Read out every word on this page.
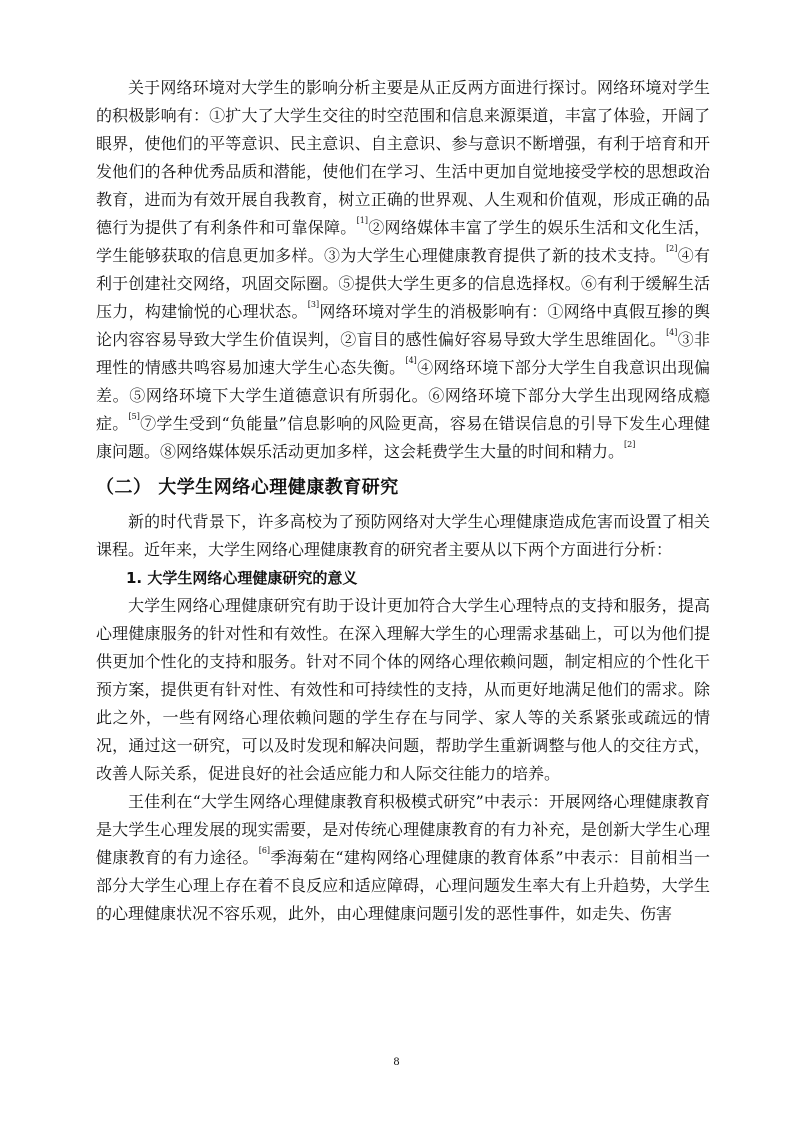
关于网络环境对大学生的影响分析主要是从正反两方面进行探讨。网络环境对学生的积极影响有：①扩大了大学生交往的时空范围和信息来源渠道，丰富了体验，开阔了眼界，使他们的平等意识、民主意识、自主意识、参与意识不断增强，有利于培育和开发他们的各种优秀品质和潜能，使他们在学习、生活中更加自觉地接受学校的思想政治教育，进而为有效开展自我教育，树立正确的世界观、人生观和价值观，形成正确的品德行为提供了有利条件和可靠保障。[1]②网络媒体丰富了学生的娱乐生活和文化生活，学生能够获取的信息更加多样。③为大学生心理健康教育提供了新的技术支持。[2]④有利于创建社交网络，巩固交际圈。⑤提供大学生更多的信息选择权。⑥有利于缓解生活压力，构建愉悦的心理状态。[3]网络环境对学生的消极影响有：①网络中真假互掺的舆论内容容易导致大学生价值误判，②盲目的感性偏好容易导致大学生思维固化。[4]③非理性的情感共鸣容易加速大学生心态失衡。[4]④网络环境下部分大学生自我意识出现偏差。⑤网络环境下大学生道德意识有所弱化。⑥网络环境下部分大学生出现网络成瘾症。[5]⑦学生受到“负能量”信息影响的风险更高，容易在错误信息的引导下发生心理健康问题。⑧网络媒体娱乐活动更加多样，这会耗费学生大量的时间和精力。[2]

（二） 大学生网络心理健康教育研究

新的时代背景下，许多高校为了预防网络对大学生心理健康造成危害而设置了相关课程。近年来，大学生网络心理健康教育的研究者主要从以下两个方面进行分析：

1. 大学生网络心理健康研究的意义

大学生网络心理健康研究有助于设计更加符合大学生心理特点的支持和服务，提高心理健康服务的针对性和有效性。在深入理解大学生的心理需求基础上，可以为他们提供更加个性化的支持和服务。针对不同个体的网络心理依赖问题，制定相应的个性化干预方案，提供更有针对性、有效性和可持续性的支持，从而更好地满足他们的需求。除此之外，一些有网络心理依赖问题的学生存在与同学、家人等的关系紧张或疏远的情况，通过这一研究，可以及时发现和解决问题，帮助学生重新调整与他人的交往方式，改善人际关系，促进良好的社会适应能力和人际交往能力的培养。

王佳利在“大学生网络心理健康教育积极模式研究”中表示：开展网络心理健康教育是大学生心理发展的现实需要，是对传统心理健康教育的有力补充，是创新大学生心理健康教育的有力途径。[6]季海菊在“建构网络心理健康的教育体系”中表示：目前相当一部分大学生心理上存在着不良反应和适应障碍，心理问题发生率大有上升趋势，大学生的心理健康状况不容乐观，此外，由心理健康问题引发的恶性事件，如走失、伤害

8
